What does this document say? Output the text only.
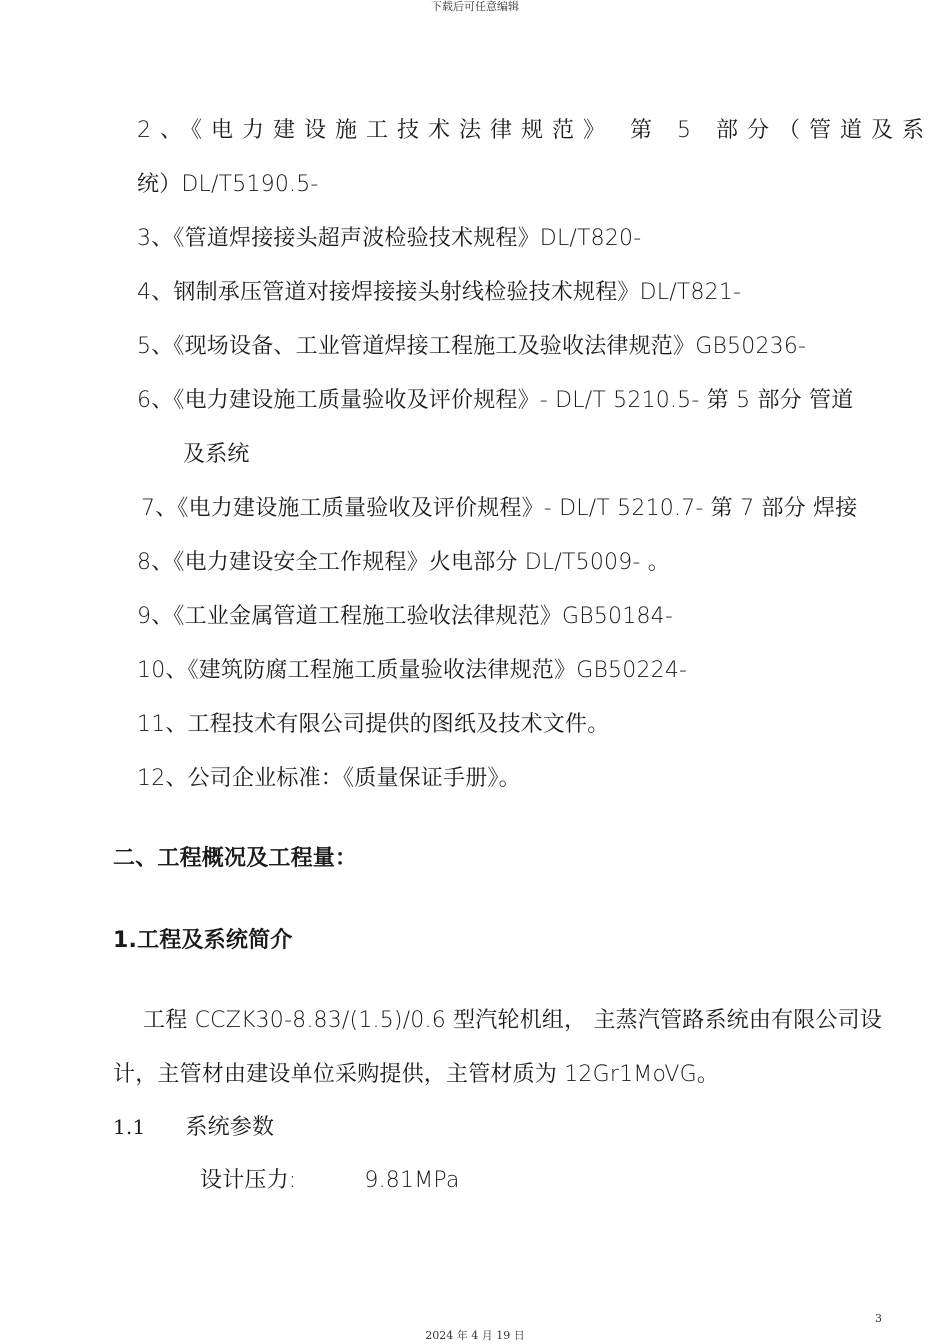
下载后可任意编辑
2、《电力建设施工技术法律规范》 第 5 部分（管道及系
统）DL/T5190.5-
3、《管道焊接接头超声波检验技术规程》DL/T820-
4、钢制承压管道对接焊接接头射线检验技术规程》DL/T821-
5、《现场设备、工业管道焊接工程施工及验收法律规范》GB50236-
6、《电力建设施工质量验收及评价规程》- DL/T 5210.5- 第 5 部分 管道
及系统
7、《电力建设施工质量验收及评价规程》- DL/T 5210.7- 第 7 部分 焊接
8、《电力建设安全工作规程》火电部分 DL/T5009- 。
9、《工业金属管道工程施工验收法律规范》GB50184-
10、《建筑防腐工程施工质量验收法律规范》GB50224-
11、工程技术有限公司提供的图纸及技术文件。
12、公司企业标准：《质量保证手册》。
二、工程概况及工程量：
1.工程及系统简介
工程 CCZK30-8.83/(1.5)/0.6 型汽轮机组， 主蒸汽管路系统由有限公司设
计，主管材由建设单位采购提供，主管材质为 12Gr1MoVG。
1.1 系统参数
设计压力:	9.81MPa
3
2024 年 4 月 19 日
